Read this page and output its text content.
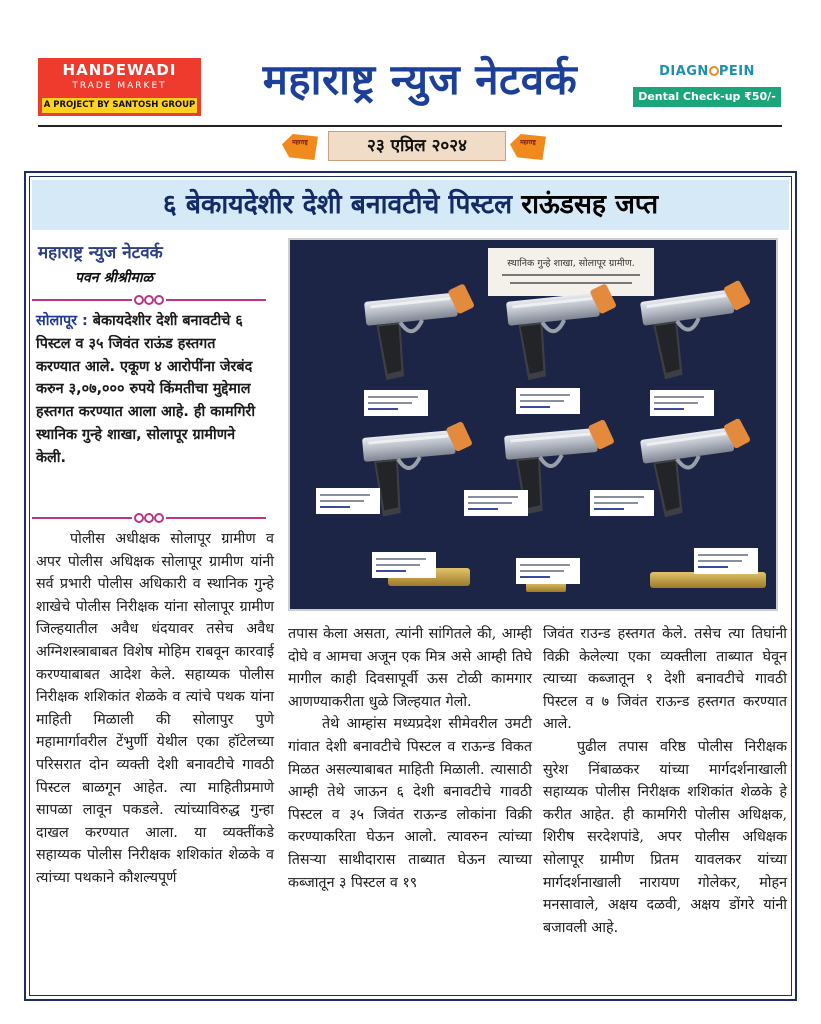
HANDEWADI
TRADE MARKET
A PROJECT BY SANTOSH GROUP
महाराष्ट्र न्युज नेटवर्क	DIAGN PEIN
Dental Check-up ₹50/-
महाराष्ट्र	२३ एप्रिल २०२४	महाराष्ट्र
६ बेकायदेशीर देशी बनावटीचे पिस्टल राऊंडसह जप्त
महाराष्ट्र न्युज नेटवर्क
पवन श्रीश्रीमाळ
सोलापूर : बेकायदेशीर देशी बनावटीचे ६ पिस्टल व ३५ जिवंत राऊंड हस्तगत करण्यात आले. एकूण ४ आरोपींना जेरबंद करुन ३,०७,००० रुपये किंमतीचा मुद्देमाल हस्तगत करण्यात आला आहे. ही कामगिरी स्थानिक गुन्हे शाखा, सोलापूर ग्रामीणने केली.

पोलीस अधीक्षक सोलापूर ग्रामीण व अपर पोलीस अधिक्षक सोलापूर ग्रामीण यांनी सर्व प्रभारी पोलीस अधिकारी व स्थानिक गुन्हे शाखेचे पोलीस निरीक्षक यांना सोलापूर ग्रामीण जिल्हयातील अवैध धंदयावर तसेच अवैध अग्निशस्त्राबाबत विशेष मोहिम राबवून कारवाई करण्याबाबत आदेश केले. सहाय्यक पोलीस निरीक्षक शशिकांत शेळके व त्यांचे पथक यांना माहिती मिळाली की सोलापुर पुणे महामार्गावरील टेंभुर्णी येथील एका हॉटेलच्या परिसरात दोन व्यक्ती देशी बनावटीचे गावठी पिस्टल बाळगून आहेत. त्या माहितीप्रमाणे सापळा लावून पकडले. त्यांच्याविरुद्ध गुन्हा दाखल करण्यात आला. या व्यक्तींकडे सहाय्यक पोलीस निरीक्षक शशिकांत शेळके व त्यांच्या पथकाने कौशल्यपूर्ण

तपास केला असता, त्यांनी सांगितले की, आम्ही दोघे व आमचा अजून एक मित्र असे आम्ही तिघे मागील काही दिवसापूर्वी ऊस टोळी कामगार आणण्याकरीता धुळे जिल्हयात गेलो.

तेथे आम्हांस मध्यप्रदेश सीमेवरील उमटी गांवात देशी बनावटीचे पिस्टल व राऊन्ड विकत मिळत असल्याबाबत माहिती मिळाली. त्यासाठी आम्ही तेथे जाऊन ६ देशी बनावटीचे गावठी पिस्टल व ३५ जिवंत राऊन्ड लोकांना विक्री करण्याकरिता घेऊन आलो. त्यावरुन त्यांच्या तिसऱ्या साथीदारास ताब्यात घेऊन त्याच्या कब्जातून ३ पिस्टल व १९

जिवंत राउन्ड हस्तगत केले. तसेच त्या तिघांनी विक्री केलेल्या एका व्यक्तीला ताब्यात घेवून त्याच्या कब्जातून १ देशी बनावटीचे गावठी पिस्टल व ७ जिवंत राऊन्ड हस्तगत करण्यात आले.

पुढील तपास वरिष्ठ पोलीस निरीक्षक सुरेश निंबाळकर यांच्या मार्गदर्शनाखाली सहाय्यक पोलीस निरीक्षक शशिकांत शेळके हे करीत आहेत. ही कामगिरी पोलीस अधिक्षक, शिरीष सरदेशपांडे, अपर पोलीस अधिक्षक सोलापूर ग्रामीण प्रितम यावलकर यांच्या मार्गदर्शनाखाली नारायण गोलेकर, मोहन मनसावाले, अक्षय दळवी, अक्षय डोंगरे यांनी बजावली आहे.

स्थानिक गुन्हे शाखा, सोलापूर ग्रामीण.
